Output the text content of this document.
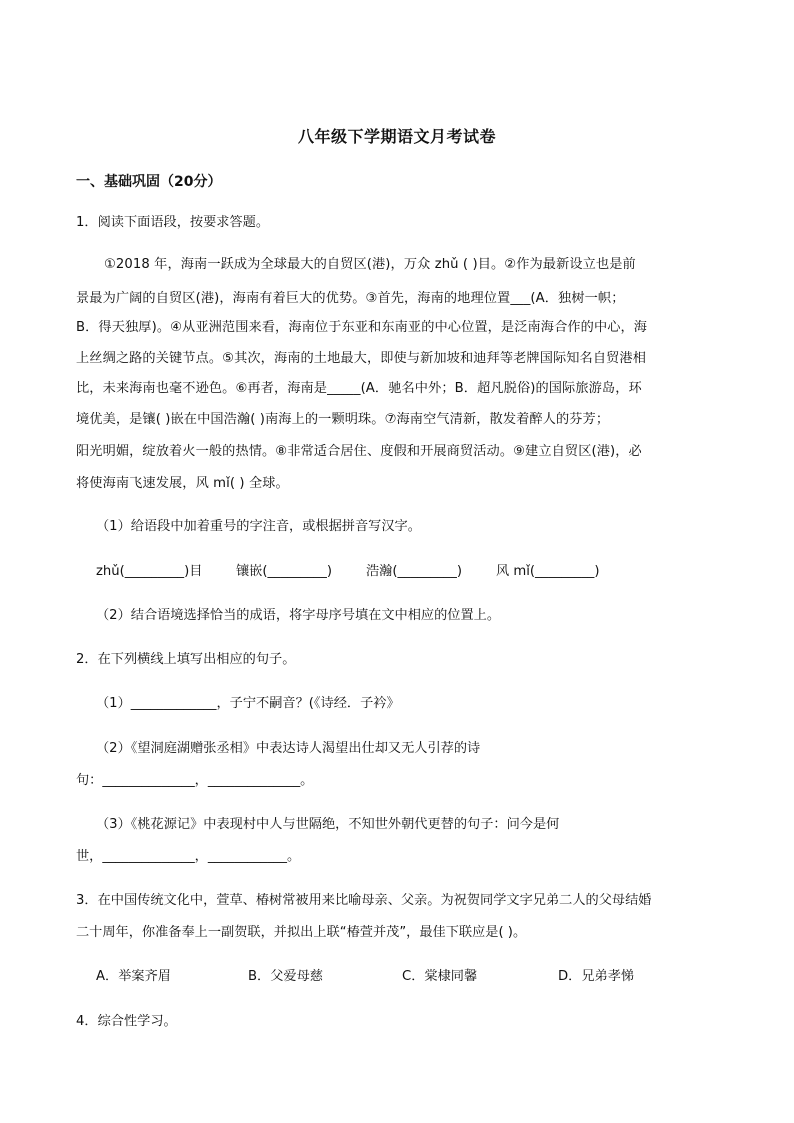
八年级下学期语文月考试卷
一、基础巩固（20分）
1．阅读下面语段，按要求答题。
①2018 年，海南一跃成为全球最大的自贸区(港)，万众 zhǔ ( )目。②作为最新设立也是前
景最为广阔的自贸区(港)，海南有着巨大的优势。③首先，海南的地理位置___(A．独树一帜；
B．得天独厚)。④从亚洲范围来看，海南位于东亚和东南亚的中心位置，是泛南海合作的中心，海
上丝绸之路的关键节点。⑤其次，海南的土地最大，即使与新加坡和迪拜等老牌国际知名自贸港相
比，未来海南也毫不逊色。⑥再者，海南是_____(A．驰名中外；B．超凡脱俗)的国际旅游岛，环
境优美，是镶( )嵌在中国浩瀚( )南海上的一颗明珠。⑦海南空气清新，散发着醉人的芬芳；
阳光明媚，绽放着火一般的热情。⑧非常适合居住、度假和开展商贸活动。⑨建立自贸区(港)，必
将使海南飞速发展，风 mǐ( ) 全球。
（1）给语段中加着重号的字注音，或根据拼音写汉字。
zhǔ(_________)目	镶嵌(_________)	浩瀚(_________)	风 mǐ(_________)
（2）结合语境选择恰当的成语，将字母序号填在文中相应的位置上。
2．在下列横线上填写出相应的句子。
（1）_____________，子宁不嗣音？(《诗经．子衿》
（2）《望洞庭湖赠张丞相》中表达诗人渴望出仕却又无人引荐的诗
句：______________，______________。
（3）《桃花源记》中表现村中人与世隔绝，不知世外朝代更替的句子：问今是何
世，______________，____________。
3．在中国传统文化中，萱草、椿树常被用来比喻母亲、父亲。为祝贺同学文字兄弟二人的父母结婚
二十周年，你准备奉上一副贺联，并拟出上联“椿萱并茂”，最佳下联应是( )。
A．举案齐眉	B．父爱母慈	C．棠棣同馨	D．兄弟孝悌
4．综合性学习。
